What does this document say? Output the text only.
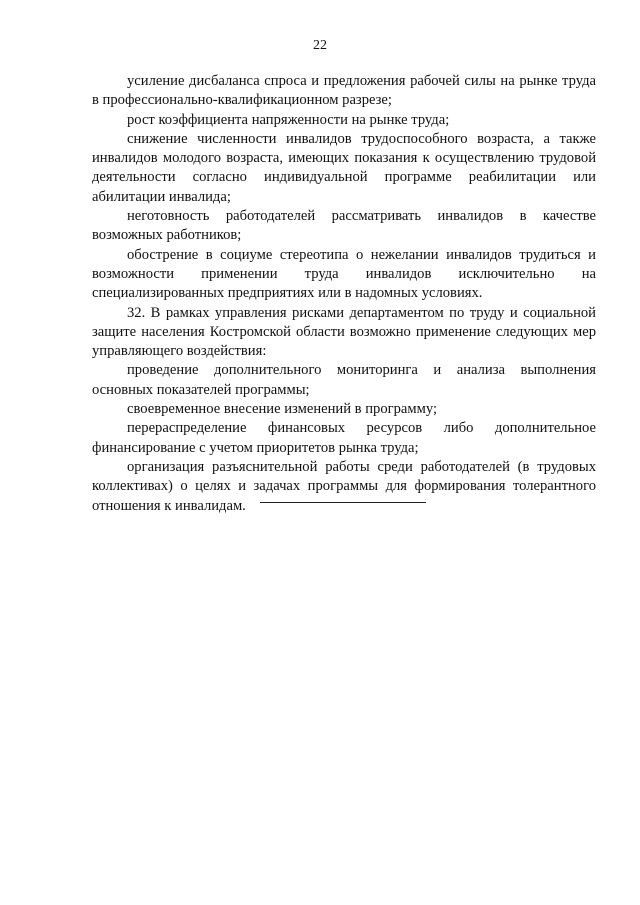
22

усиление дисбаланса спроса и предложения рабочей силы на рынке труда в профессионально-квалификационном разрезе;

рост коэффициента напряженности на рынке труда;

снижение численности инвалидов трудоспособного возраста, а также инвалидов молодого возраста, имеющих показания к осуществлению трудовой деятельности согласно индивидуальной программе реабилитации или абилитации инвалида;

неготовность работодателей рассматривать инвалидов в качестве возможных работников;

обострение в социуме стереотипа о нежелании инвалидов трудиться и возможности применении труда инвалидов исключительно на специализированных предприятиях или в надомных условиях.

32. В рамках управления рисками департаментом по труду и социальной защите населения Костромской области возможно применение следующих мер управляющего воздействия:

проведение дополнительного мониторинга и анализа выполнения основных показателей программы;

своевременное внесение изменений в программу;

перераспределение финансовых ресурсов либо дополнительное финансирование с учетом приоритетов рынка труда;

организация разъяснительной работы среди работодателей (в трудовых коллективах) о целях и задачах программы для формирования толерантного отношения к инвалидам.
